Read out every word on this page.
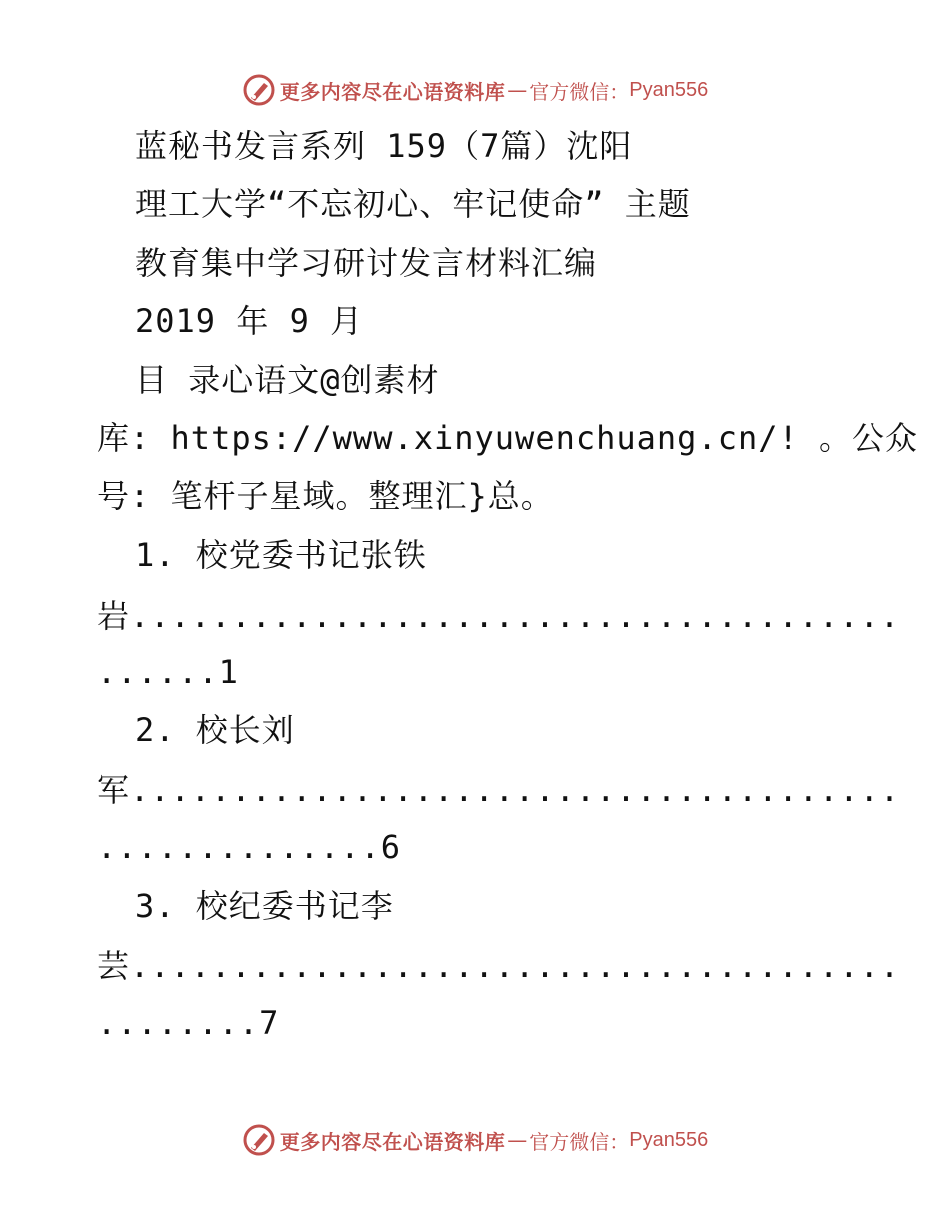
更多内容尽在心语资料库 — 官方微信： Pyan556
蓝秘书发言系列 159（7篇）沈阳
理工大学“不忘初心、牢记使命” 主题
教育集中学习研讨发言材料汇编
2019 年 9 月
目 录心语文@创素材
库: https://www.xinyuwenchuang.cn/! 。公众
号: 笔杆子星域。整理汇}总。
1. 校党委书记张铁
岩......................................
......1
2. 校长刘
军......................................
..............6
3. 校纪委书记李
芸......................................
........7
更多内容尽在心语资料库 — 官方微信： Pyan556
